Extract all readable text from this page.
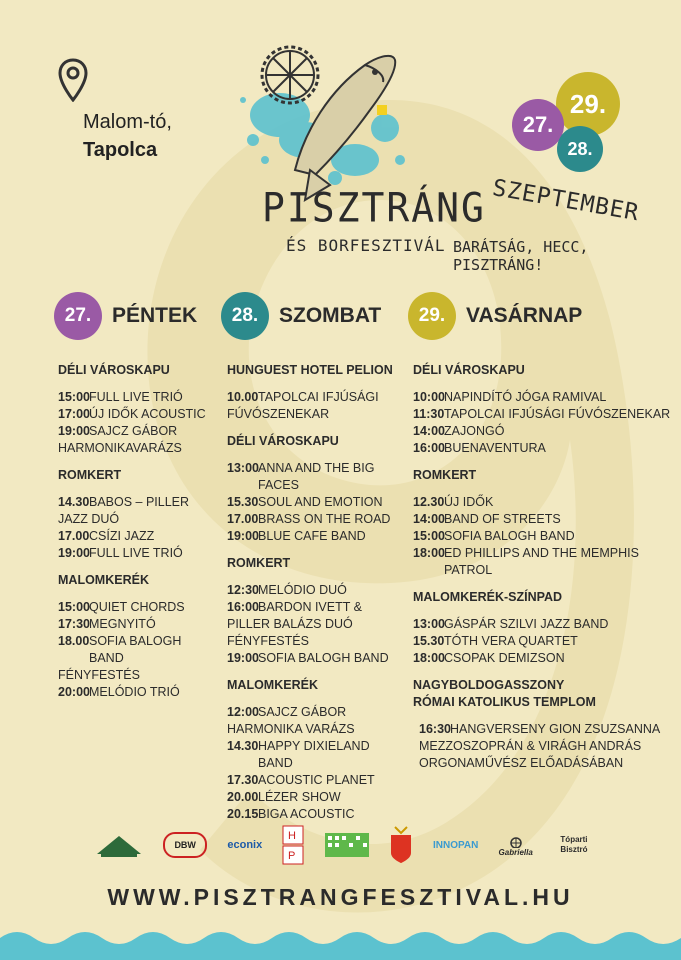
Malom-tó,
Tapolca
PISZTRÁNG
ÉS BORFESZTIVÁL
29.
27.
28.
SZEPTEMBER
BARÁTSÁG, HECC, PISZTRÁNG!
27. PÉNTEK	28. SZOMBAT	29. VASÁRNAP
DÉLI VÁROSKAPU
15:00 FULL LIVE TRIÓ
17:00 ÚJ IDŐK ACOUSTIC
19:00 SAJCZ GÁBOR
HARMONIKAVARÁZS
ROMKERT
14.30 BABOS – PILLER
JAZZ DUÓ
17.00 CSÍZI JAZZ
19:00 FULL LIVE TRIÓ
MALOMKERÉK
15:00 QUIET CHORDS
17:30 MEGNYITÓ
18.00 SOFIA BALOGH BAND
FÉNYFESTÉS
20:00 MELÓDIO TRIÓ
HUNGUEST HOTEL PELION
10.00 TAPOLCAI IFJÚSÁGI
FÚVÓSZENEKAR
DÉLI VÁROSKAPU
13:00 ANNA AND THE BIG FACES
15.30 SOUL AND EMOTION
17.00 BRASS ON THE ROAD
19:00 BLUE CAFE BAND
ROMKERT
12:30 MELÓDIO DUÓ
16:00 BARDON IVETT &
PILLER BALÁZS DUÓ
FÉNYFESTÉS
19:00 SOFIA BALOGH BAND
MALOMKERÉK
12:00 SAJCZ GÁBOR
HARMONIKA VARÁZS
14.30 HAPPY DIXIELAND BAND
17.30 ACOUSTIC PLANET
20.00 LÉZER SHOW
20.15 BIGA ACOUSTIC
DÉLI VÁROSKAPU
10:00 NAPINDÍTÓ JÓGA RAMIVAL
11:30 TAPOLCAI IFJÚSÁGI FÚVÓSZENEKAR
14:00 ZAJONGÓ
16:00 BUENAVENTURA
ROMKERT
12.30 ÚJ IDŐK
14:00 BAND OF STREETS
15:00 SOFIA BALOGH BAND
18:00 ED PHILLIPS AND THE MEMPHIS PATROL
MALOMKERÉK-SZÍNPAD
13:00 GÁSPÁR SZILVI JAZZ BAND
15.30 TÓTH VERA QUARTET
18:00 CSOPAK DEMIZSON
NAGYBOLDOGASSZONY
RÓMAI KATOLIKUS TEMPLOM
16:30 HANGVERSENY GION ZSUZSANNA
MEZZOSZOPRÁN & VIRÁGH ANDRÁS
ORGONAMŰVÉSZ ELŐADÁSÁBAN
DBW	econix
H
P
INNOPAN
Gabriella
Tóparti Bisztró
WWW.PISZTRANGFESZTIVAL.HU
